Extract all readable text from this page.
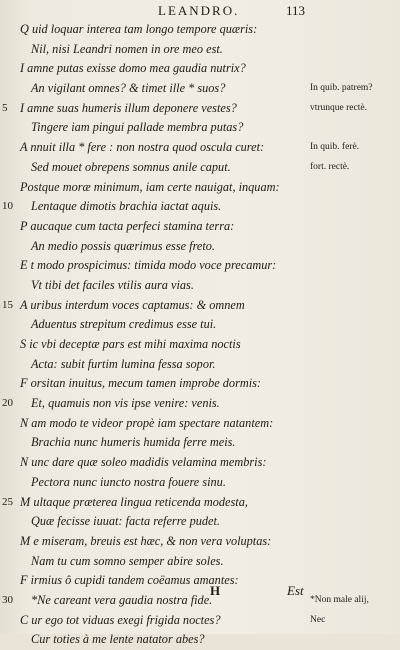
LEANDRO.	113
Q uid loquar interea tam longo tempore quæris:
Nil, nisi Leandri nomen in ore meo est.
I amne putas exisse domo mea gaudia nutrix?
An vigilant omnes? & timet ille * suos?
5 I amne suas humeris illum deponere vestes?
Tingere iam pingui pallade membra putas?
A nnuit illa * fere : non nostra quod oscula curet:
Sed mouet obrepens somnus anile caput.
Postque moræ minimum, iam certe nauigat, inquam:
10 Lentaque dimotis brachia iactat aquis.
P aucaque cum tacta perfeci stamina terra:
An medio possis quærimus esse freto.
E t modo prospicimus: timida modo voce precamur:
Vt tibi det faciles vtilis aura vias.
15 A uribus interdum voces captamus: & omnem
Aduentus strepitum credimus esse tui.
S ic vbi deceptæ pars est mihi maxima noctis
Acta: subit furtim lumina fessa sopor.
F orsitan inuitus, mecum tamen improbe dormis:
20 Et, quamuis non vis ipse venire: venis.
N am modo te videor propè iam spectare natantem:
Brachia nunc humeris humida ferre meis.
N unc dare quæ soleo madidis velamina membris:
Pectora nunc iuncto nostra fouere sinu.
25 M ultaque præterea lingua reticenda modesta,
Quæ fecisse iuuat: facta referre pudet.
M e miseram, breuis est hæc, & non vera voluptas:
Nam tu cum somno semper abire soles.
F irmius ô cupidi tandem coëamus amantes:
30 *Ne careant vera gaudia nostra fide.
C ur ego tot viduas exegi frigida noctes?
Cur toties à me lente natator abes?
In quib. patrem?
vtrunque rectè.
In quib. ferè.
fort. rectè.
*Non male alij,
Nec
H	Est
